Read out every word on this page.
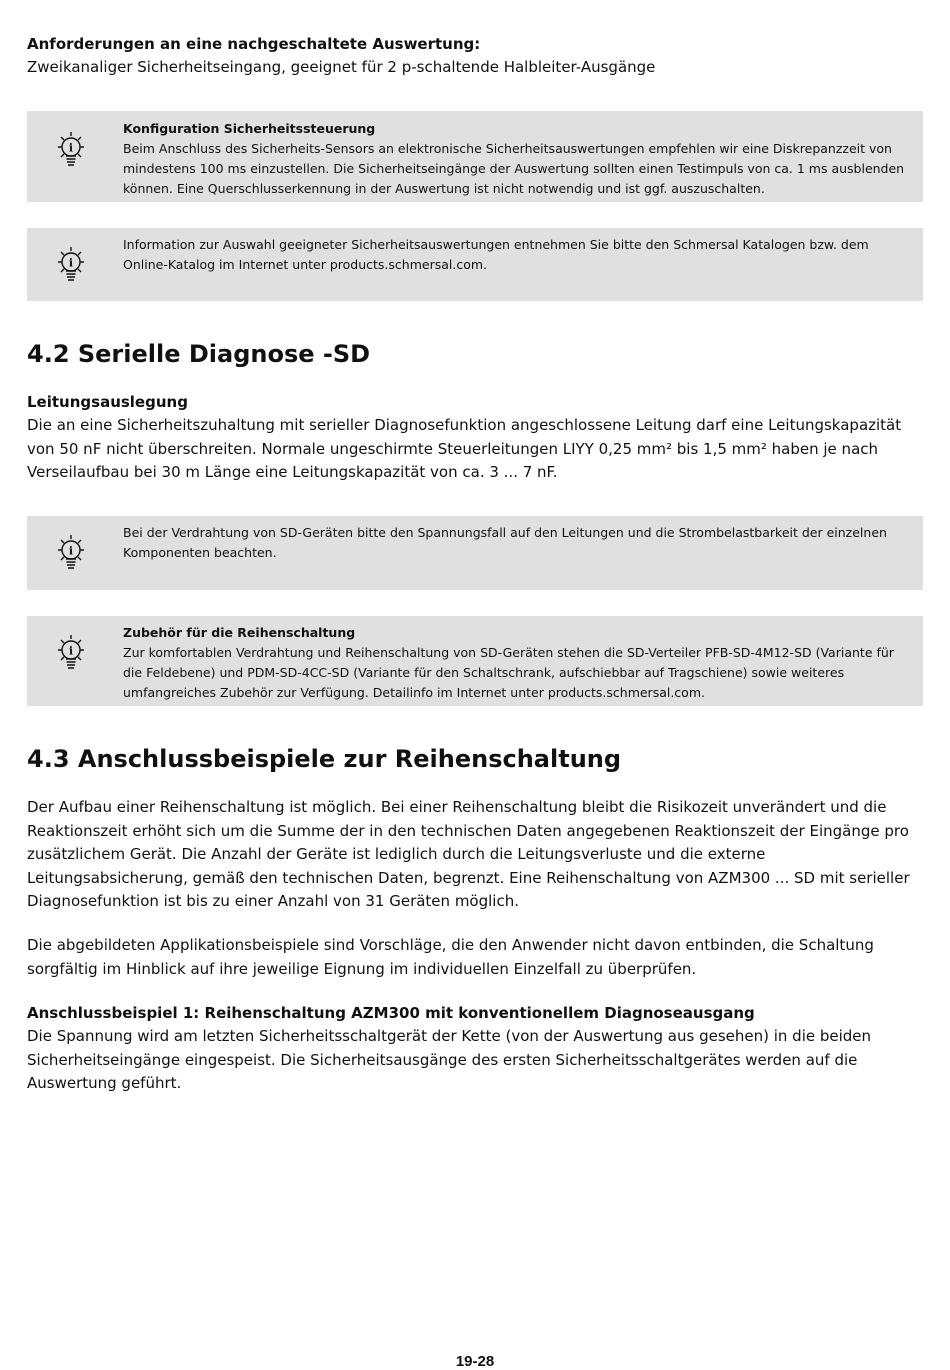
Anforderungen an eine nachgeschaltete Auswertung:
Zweikanaliger Sicherheitseingang, geeignet für 2 p-schaltende Halbleiter-Ausgänge
i
Konfiguration Sicherheitssteuerung
Beim Anschluss des Sicherheits-Sensors an elektronische Sicherheitsauswertungen empfehlen wir eine Diskrepanzzeit von mindestens 100 ms einzustellen. Die Sicherheitseingänge der Auswertung sollten einen Testimpuls von ca. 1 ms ausblenden können. Eine Querschlusserkennung in der Auswertung ist nicht notwendig und ist ggf. auszuschalten.
i
Information zur Auswahl geeigneter Sicherheitsauswertungen entnehmen Sie bitte den Schmersal Katalogen bzw. dem Online-Katalog im Internet unter products.schmersal.com.
4.2 Serielle Diagnose -SD
Leitungsauslegung

Die an eine Sicherheitszuhaltung mit serieller Diagnosefunktion angeschlossene Leitung darf eine Leitungskapazität von 50 nF nicht überschreiten. Normale ungeschirmte Steuerleitungen LIYY 0,25 mm² bis 1,5 mm² haben je nach Verseilaufbau bei 30 m Länge eine Leitungskapazität von ca. 3 ... 7 nF.

i
Bei der Verdrahtung von SD-Geräten bitte den Spannungsfall auf den Leitungen und die Strombelastbarkeit der einzelnen Komponenten beachten.
i
Zubehör für die Reihenschaltung
Zur komfortablen Verdrahtung und Reihenschaltung von SD-Geräten stehen die SD-Verteiler PFB-SD-4M12-SD (Variante für die Feldebene) und PDM-SD-4CC-SD (Variante für den Schaltschrank, aufschiebbar auf Tragschiene) sowie weiteres umfangreiches Zubehör zur Verfügung. Detailinfo im Internet unter products.schmersal.com.
4.3 Anschlussbeispiele zur Reihenschaltung

Der Aufbau einer Reihenschaltung ist möglich. Bei einer Reihenschaltung bleibt die Risikozeit unverändert und die Reaktionszeit erhöht sich um die Summe der in den technischen Daten angegebenen Reaktionszeit der Eingänge pro zusätzlichem Gerät. Die Anzahl der Geräte ist lediglich durch die Leitungsverluste und die externe Leitungsabsicherung, gemäß den technischen Daten, begrenzt. Eine Reihenschaltung von AZM300 ... SD mit serieller Diagnosefunktion ist bis zu einer Anzahl von 31 Geräten möglich.

Die abgebildeten Applikationsbeispiele sind Vorschläge, die den Anwender nicht davon entbinden, die Schaltung sorgfältig im Hinblick auf ihre jeweilige Eignung im individuellen Einzelfall zu überprüfen.

Anschlussbeispiel 1: Reihenschaltung AZM300 mit konventionellem Diagnoseausgang

Die Spannung wird am letzten Sicherheitsschaltgerät der Kette (von der Auswertung aus gesehen) in die beiden Sicherheitseingänge eingespeist. Die Sicherheitsausgänge des ersten Sicherheitsschaltgerätes werden auf die Auswertung geführt.

19-28
